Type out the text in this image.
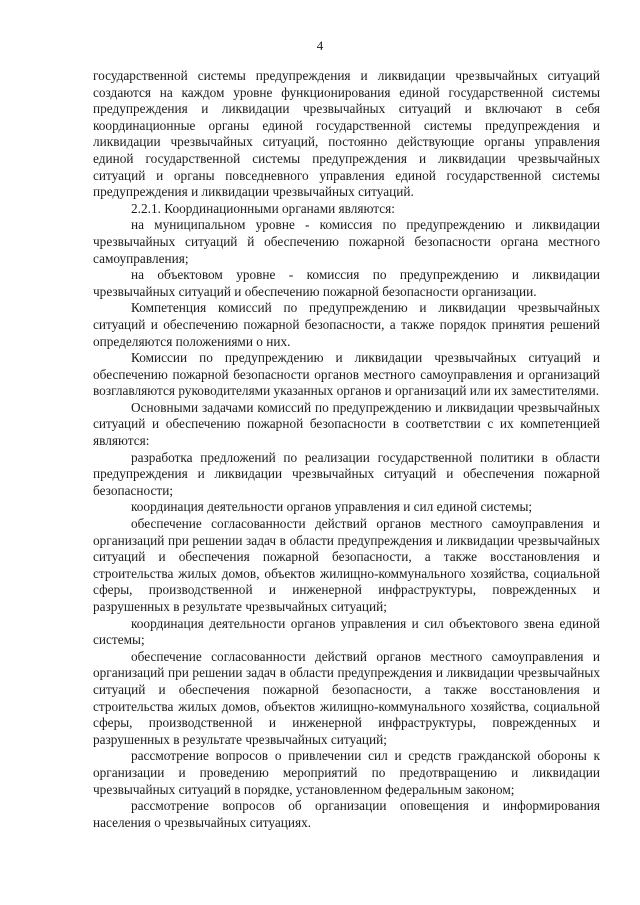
4

государственной системы предупреждения и ликвидации чрезвычайных ситуаций создаются на каждом уровне функционирования единой государственной системы предупреждения и ликвидации чрезвычайных ситуаций и включают в себя координационные органы единой государственной системы предупреждения и ликвидации чрезвычайных ситуаций, постоянно действующие органы управления единой государственной системы предупреждения и ликвидации чрезвычайных ситуаций и органы повседневного управления единой государственной системы предупреждения и ликвидации чрезвычайных ситуаций.

2.2.1. Координационными органами являются:

на муниципальном уровне - комиссия по предупреждению и ликвидации чрезвычайных ситуаций й обеспечению пожарной безопасности органа местного самоуправления;

на объектовом уровне - комиссия по предупреждению и ликвидации чрезвычайных ситуаций и обеспечению пожарной безопасности организации.

Компетенция комиссий по предупреждению и ликвидации чрезвычайных ситуаций и обеспечению пожарной безопасности, а также порядок принятия решений определяются положениями о них.

Комиссии по предупреждению и ликвидации чрезвычайных ситуаций и обеспечению пожарной безопасности органов местного самоуправления и организаций возглавляются руководителями указанных органов и организаций или их заместителями.

Основными задачами комиссий по предупреждению и ликвидации чрезвычайных ситуаций и обеспечению пожарной безопасности в соответствии с их компетенцией являются:

разработка предложений по реализации государственной политики в области предупреждения и ликвидации чрезвычайных ситуаций и обеспечения пожарной безопасности;

координация деятельности органов управления и сил единой системы;

обеспечение согласованности действий органов местного самоуправления и организаций при решении задач в области предупреждения и ликвидации чрезвычайных ситуаций и обеспечения пожарной безопасности, а также восстановления и строительства жилых домов, объектов жилищно-коммунального хозяйства, социальной сферы, производственной и инженерной инфраструктуры, поврежденных и разрушенных в результате чрезвычайных ситуаций;

координация деятельности органов управления и сил объектового звена единой системы;

обеспечение согласованности действий органов местного самоуправления и организаций при решении задач в области предупреждения и ликвидации чрезвычайных ситуаций и обеспечения пожарной безопасности, а также восстановления и строительства жилых домов, объектов жилищно-коммунального хозяйства, социальной сферы, производственной и инженерной инфраструктуры, поврежденных и разрушенных в результате чрезвычайных ситуаций;

рассмотрение вопросов о привлечении сил и средств гражданской обороны к организации и проведению мероприятий по предотвращению и ликвидации чрезвычайных ситуаций в порядке, установленном федеральным законом;

рассмотрение вопросов об организации оповещения и информирования населения о чрезвычайных ситуациях.
